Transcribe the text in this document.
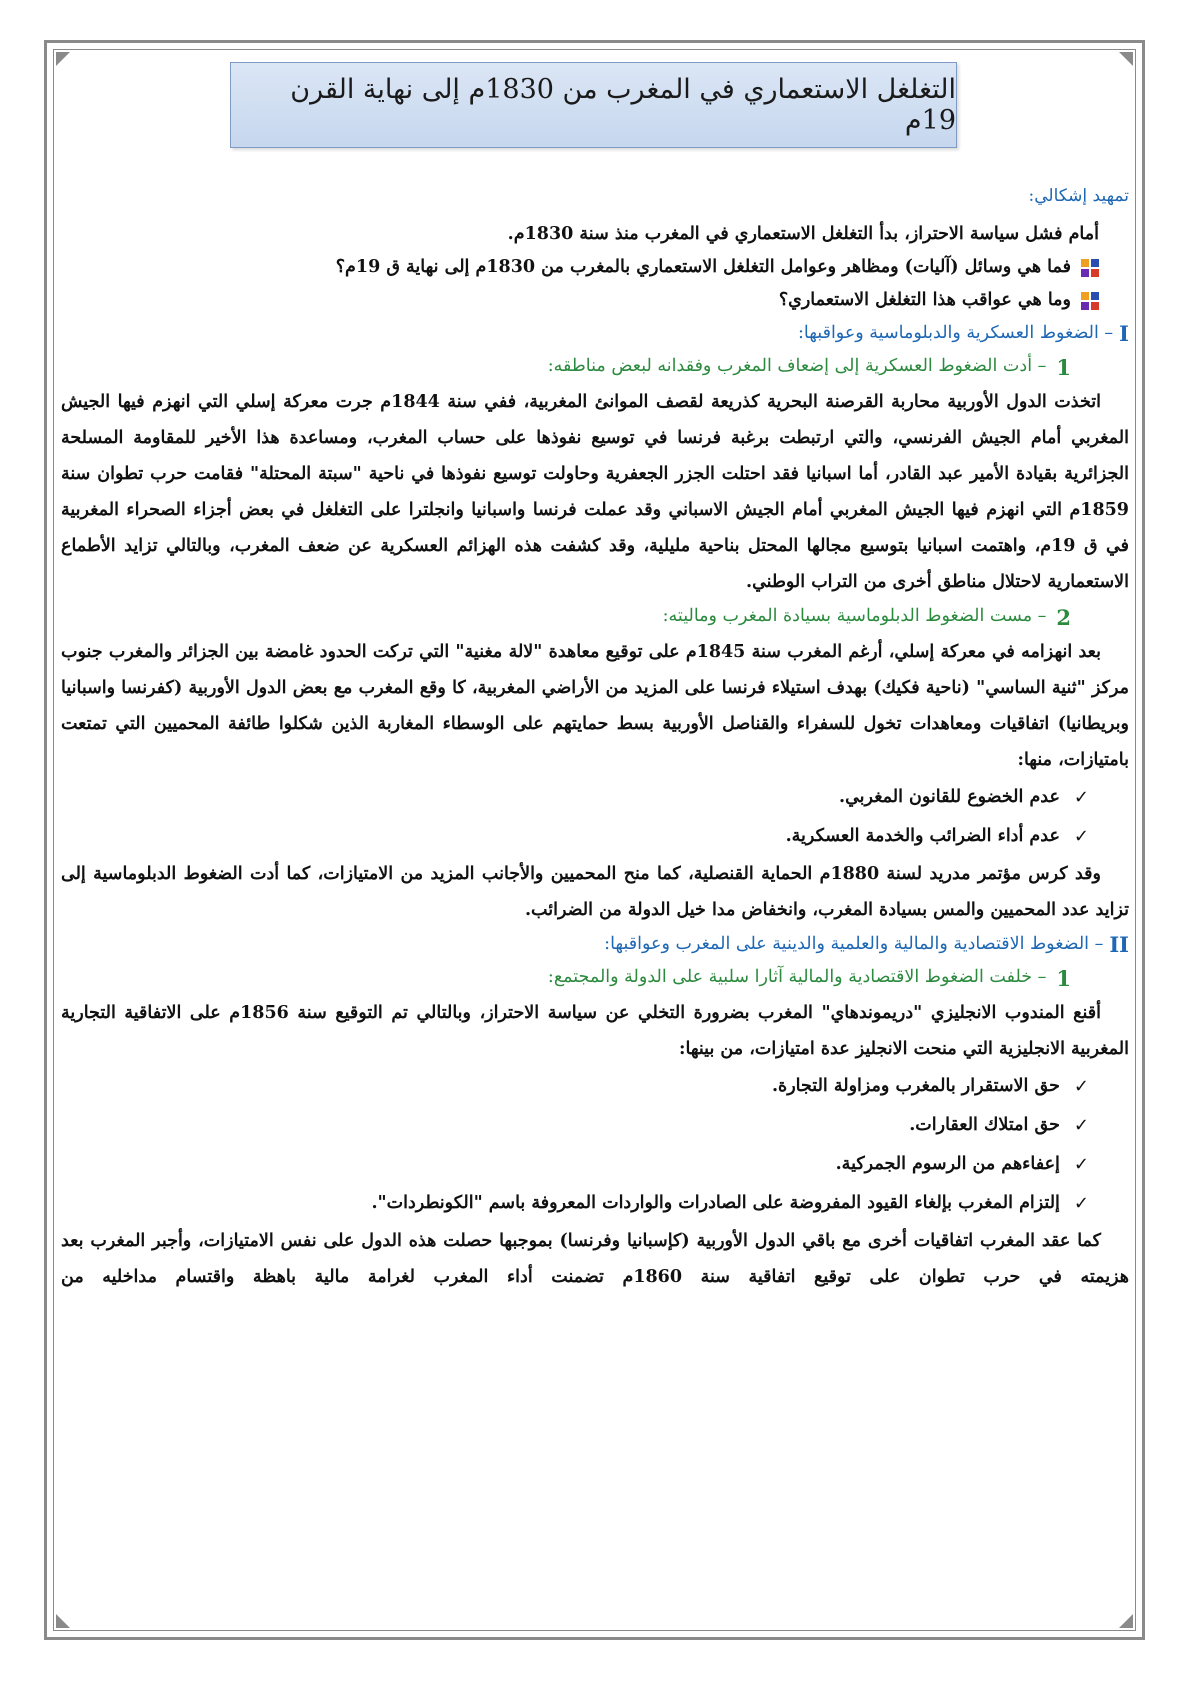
التغلغل الاستعماري في المغرب من 1830م إلى نهاية القرن 19م
تمهيد إشكالي:
أمام فشل سياسة الاحتراز، بدأ التغلغل الاستعماري في المغرب منذ سنة 1830م.
فما هي وسائل (آليات) ومظاهر وعوامل التغلغل الاستعماري بالمغرب من 1830م إلى نهاية ق 19م؟
وما هي عواقب هذا التغلغل الاستعماري؟
I
– الضغوط العسكرية والدبلوماسية وعواقبها:
1
– أدت الضغوط العسكرية إلى إضعاف المغرب وفقدانه لبعض مناطقه:

اتخذت الدول الأوربية محاربة القرصنة البحرية كذريعة لقصف الموانئ المغربية، ففي سنة 1844م جرت معركة إسلي التي انهزم فيها الجيش المغربي أمام الجيش الفرنسي، والتي ارتبطت برغبة فرنسا في توسيع نفوذها على حساب المغرب، ومساعدة هذا الأخير للمقاومة المسلحة الجزائرية بقيادة الأمير عبد القادر، أما اسبانيا فقد احتلت الجزر الجعفرية وحاولت توسيع نفوذها في ناحية "سبتة المحتلة" فقامت حرب تطوان سنة 1859م التي انهزم فيها الجيش المغربي أمام الجيش الاسباني وقد عملت فرنسا واسبانيا وانجلترا على التغلغل في بعض أجزاء الصحراء المغربية في ق 19م، واهتمت اسبانيا بتوسيع مجالها المحتل بناحية مليلية، وقد كشفت هذه الهزائم العسكرية عن ضعف المغرب، وبالتالي تزايد الأطماع الاستعمارية لاحتلال مناطق أخرى من التراب الوطني.

2
– مست الضغوط الدبلوماسية بسيادة المغرب وماليته:

بعد انهزامه في معركة إسلي، أرغم المغرب سنة 1845م على توقيع معاهدة "لالة مغنية" التي تركت الحدود غامضة بين الجزائر والمغرب جنوب مركز "ثنية الساسي" (ناحية فكيك) بهدف استيلاء فرنسا على المزيد من الأراضي المغربية، كا وقع المغرب مع بعض الدول الأوربية (كفرنسا واسبانيا وبريطانيا) اتفاقيات ومعاهدات تخول للسفراء والقناصل الأوربية بسط حمايتهم على الوسطاء المغاربة الذين شكلوا طائفة المحميين التي تمتعت بامتيازات، منها:

✓
عدم الخضوع للقانون المغربي.
✓
عدم أداء الضرائب والخدمة العسكرية.

وقد كرس مؤتمر مدريد لسنة 1880م الحماية القنصلية، كما منح المحميين والأجانب المزيد من الامتيازات، كما أدت الضغوط الدبلوماسية إلى تزايد عدد المحميين والمس بسيادة المغرب، وانخفاض مدا خيل الدولة من الضرائب.

II
– الضغوط الاقتصادية والمالية والعلمية والدينية على المغرب وعواقبها:
1
– خلفت الضغوط الاقتصادية والمالية آثارا سلبية على الدولة والمجتمع:

أقنع المندوب الانجليزي "دريموندهاي" المغرب بضرورة التخلي عن سياسة الاحتراز، وبالتالي تم التوقيع سنة 1856م على الاتفاقية التجارية المغربية الانجليزية التي منحت الانجليز عدة امتيازات، من بينها:

✓
حق الاستقرار بالمغرب ومزاولة التجارة.
✓
حق امتلاك العقارات.
✓
إعفاءهم من الرسوم الجمركية.
✓
إلتزام المغرب بإلغاء القيود المفروضة على الصادرات والواردات المعروفة باسم "الكونطردات".

كما عقد المغرب اتفاقيات أخرى مع باقي الدول الأوربية (كإسبانيا وفرنسا) بموجبها حصلت هذه الدول على نفس الامتيازات، وأجبر المغرب بعد هزيمته في حرب تطوان على توقيع اتفاقية سنة 1860م تضمنت أداء المغرب لغرامة مالية باهظة واقتسام مداخليه من
